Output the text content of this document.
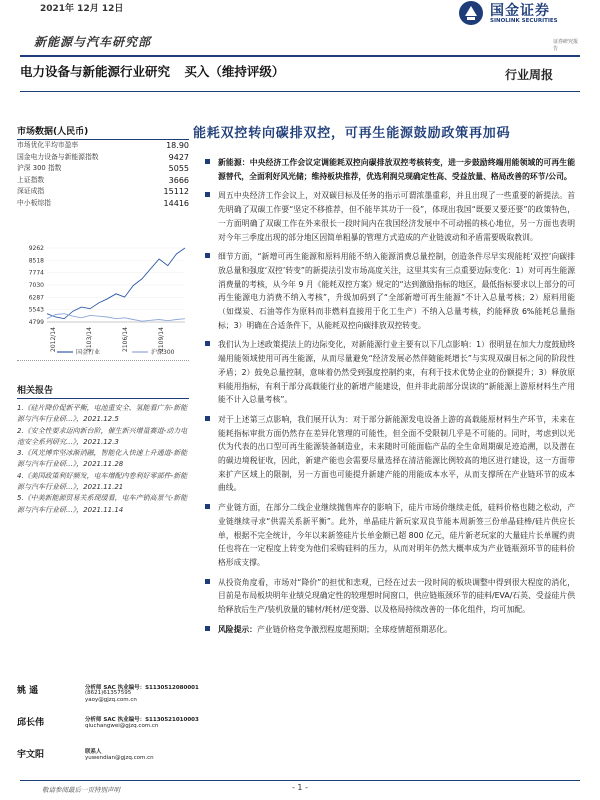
2021年 12月 12日
新能源与汽车研究部
国金证券
SINOLINK SECURITIES
证券研究报告
电力设备与新能源行业研究 买入（维持评级）	行业周报
市场数据(人民币)
市场优化平均市盈率	18.90
国金电力设备与新能源指数	9427
沪深 300 指数	5055
上证指数	3666
深证成指	15112
中小板综指	14416
9262
8518
7774
7030
6287
5543
4799
2012/14	2103/14	2106/14	2109/14
国金行业	沪深300
相关报告
1.《硅片降价促新平衡，电池重安全、氢能看广东-新能源与汽车行业研...》，2021.12.5
2.《安全性要求迈向新台阶，催生新兴增量赛道-动力电池安全系列研究...》，2021.12.3
3.《风光博弈坚冰渐消融，智能化入快速上升通道-新能源与汽车行业研...》，2021.11.28
4.《美国政策利好频发，电车增配内卷利好零部件-新能源与汽车行业研...》，2021.11.21
5.《中美新能源贸易关系现缓看，电车产销高景气-新能源与汽车行业研...》，2021.11.14
姚 遥	分析师 SAC 执业编号：S1130512080001
(8621)61357595
yaoy@gjzq.com.cn
邱长伟	分析师 SAC 执业编号：S1130521010003
qiuchangwei@gjzq.com.cn
宇文阳	联系人
yuwendian@gjzq.com.cn
能耗双控转向碳排双控，可再生能源鼓励政策再加码
新能源：中央经济工作会议定调能耗双控向碳排放双控考核转变，进一步鼓励终端用能领域的可再生能源替代，全面利好风光储；维持板块推荐，优选利润兑现确定性高、受益放量、格局改善的环节/公司。
周五中央经济工作会议上，对双碳目标及任务的指示可谓浓墨重彩，并且出现了一些重要的新提法。首先明确了双碳工作要“坚定不移推荐，但不能毕其功于一役”，体现出我国“既要又要还要”的政策特色，一方面明确了双碳工作在外来很长一段时间内在我国经济发展中不可动摇的核心地位，另一方面也表明对今年三季度出现的部分地区因简单粗暴的管理方式造成的产业链波动和矛盾需要吸取教训。
细节方面，“新增可再生能源和原料用能不纳入能源消费总量控制，创造条件尽早实现能耗‘双控’向碳排放总量和强度‘双控’转变”的新提法引发市场高度关注，这里其实有三点重要边际变化：1）对可再生能源消费量的考核，从今年 9 月《能耗双控方案》规定的“达到激励指标的地区，最低指标要求以上部分的可再生能源电力消费不纳入考核”，升级加码到了“全部新增可再生能源”不计入总量考核；2）原料用能（如煤炭、石油等作为原料而非燃料直接用于化工生产）不纳入总量考核，约能释放 6%能耗总量指标；3）明确在合适条件下，从能耗双控向碳排放双控转变。
我们认为上述政策提法上的边际变化，对新能源行业主要有以下几点影响：1）很明显在加大力度鼓励终端用能领域使用可再生能源，从而尽量避免“经济发展必然伴随能耗增长”与实现双碳目标之间的阶段性矛盾；2）鼓免总量控制，意味着仍然受到强度控制约束，有利于技术优势企业的份额提升；3）释放原料能用指标，有利于部分高载能行业的新增产能建设，但并非此前部分误读的“新能源上游原材料生产用能不计入总量考核”。
对于上述第三点影响，我们展开认为：对于部分新能源发电设备上游的高载能原材料生产环节，未来在能耗指标审批方面仍然存在差异化管理的可能性，但全面不受限制几乎是不可能的。同时，考虑到以光伏为代表的出口型可再生能源装备制造业，未来随时可能面临产品的全生命周期碳足迹追溯，以及潜在的碳边境税征收，因此，新建产能也会需要尽量选择在清洁能源比例较高的地区进行建设，这一方面带来扩产区域上的限制，另一方面也可能提升新建产能的用能成本水平，从而支撑所在产业链环节的成本曲线。
产业链方面，在部分二线企业继续抛售库存的影响下，硅片市场价继续走低，硅料价格也随之松动，产业链继续寻求“供需关系新平衡”。此外，单晶硅片新玩家双良节能本周新签三份单晶硅棒/硅片供应长单，根据不完全统计，今年以来新签硅片长单金额已超 800 亿元，硅片新老玩家的大量硅片长单履约责任也将在一定程度上转变为他们采购硅料的压力，从而对明年仍然大概率成为产业链瓶颈环节的硅料价格形成支撑。
从投资角度看，市场对“降价”的担忧和悲观，已经在过去一段时间的板块调整中得到很大程度的消化，目前是布局板块明年业绩兑现确定性的较理想时间窗口，供应链瓶颈环节的硅料/EVA/石英、受益硅片供给释放后生产/装机放量的辅材/耗材/逆变器、以及格局持续改善的一体化组件，均可加配。
风险提示：产业链价格竞争激烈程度超预期；全球疫情超预期恶化。
敬请参阅最后一页特别声明	- 1 -
